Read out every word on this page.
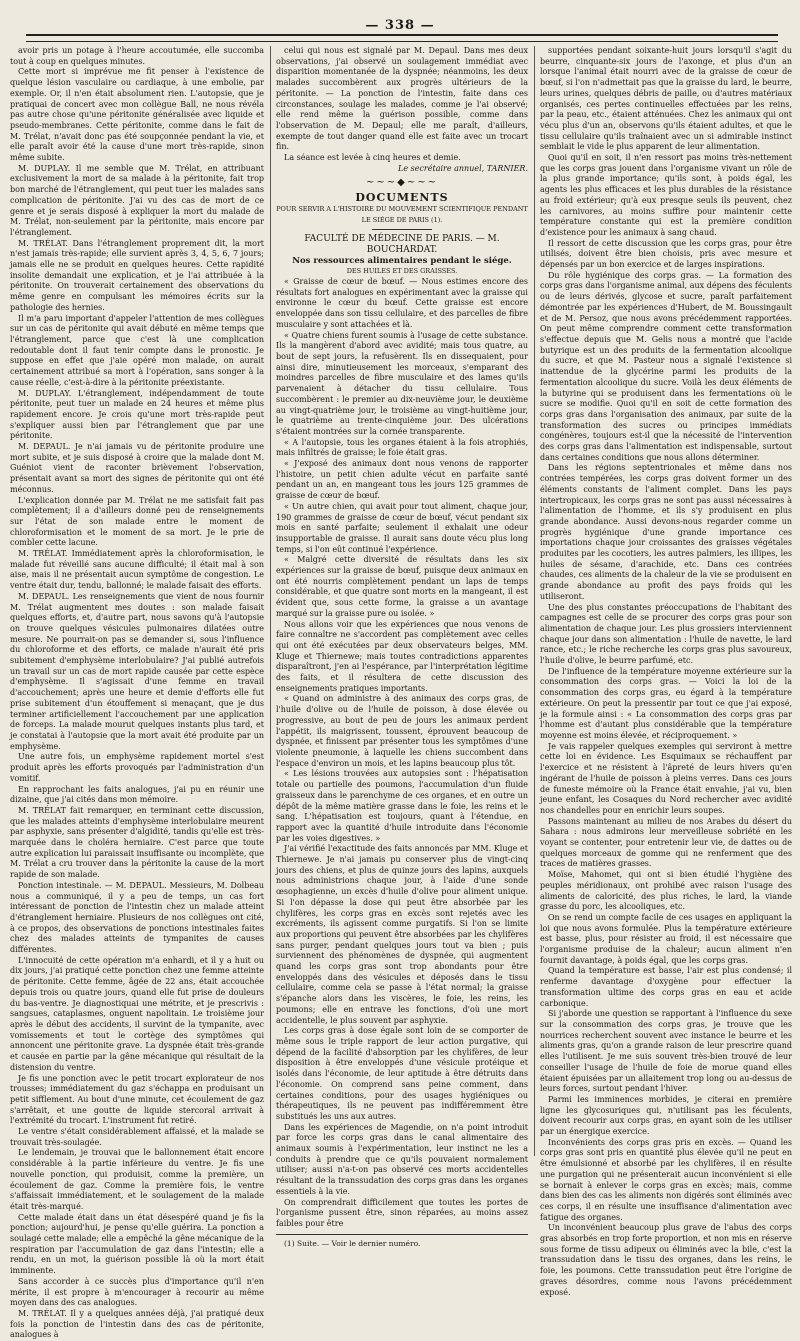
— 338 —

avoir pris un potage à l'heure accoutumée, elle succomba tout à coup en quelques minutes.

Cette mort si imprévue me fit penser à l'existence de quelque lésion vasculaire ou cardiaque, à une embolie, par exemple. Or, il n'en était absolument rien. L'autopsie, que je pratiquai de concert avec mon collègue Ball, ne nous révéla pas autre chose qu'une péritonite généralisée avec liquide et pseudo-membranes. Cette péritonite, comme dans le fait de M. Trélat, n'avait donc pas été soupçonnée pendant la vie, et elle paraît avoir été la cause d'une mort très-rapide, sinon même subite.

M. DUPLAY. Il me semble que M. Trélat, en attribuant exclusivement la mort de sa malade à la péritonite, fait trop bon marché de l'étranglement, qui peut tuer les malades sans complication de péritonite. J'ai vu des cas de mort de ce genre et je serais disposé à expliquer la mort du malade de M. Trélat, non-seulement par la péritonite, mais encore par l'étranglement.

M. TRÉLAT. Dans l'étranglement proprement dit, la mort n'est jamais très-rapide; elle survient après 3, 4, 5, 6, 7 jours; jamais elle ne se produit en quelques heures. Cette rapidité insolite demandait une explication, et je l'ai attribuée à la péritonite. On trouverait certainement des observations du même genre en compulsant les mémoires écrits sur la pathologie des hernies.

Il m'a paru important d'appeler l'attention de mes collègues sur un cas de péritonite qui avait débuté en même temps que l'étranglement, parce que c'est là une complication redoutable dont il faut tenir compte dans le pronostic. Je suppose en effet que j'aie opéré mon malade, on aurait certainement attribué sa mort à l'opération, sans songer à la cause réelle, c'est-à-dire à la péritonite préexistante.

M. DUPLAY. L'étranglement, indépendamment de toute péritonite, peut tuer un malade en 24 heures et même plus rapidement encore. Je crois qu'une mort très-rapide peut s'expliquer aussi bien par l'étranglement que par une péritonite.

M. DEPAUL. Je n'ai jamais vu de péritonite produire une mort subite, et je suis disposé à croire que la malade dont M. Guéniot vient de raconter brièvement l'observation, présentait avant sa mort des signes de péritonite qui ont été méconnus.

L'explication donnée par M. Trélat ne me satisfait fait pas complètement; il a d'ailleurs donné peu de renseignements sur l'état de son malade entre le moment de chloroformisation et le moment de sa mort. Je le prie de combler cette lacune.

M. TRÉLAT. Immédiatement après la chloroformisation, le malade fut réveillé sans aucune difficulté; il était mal à son aise, mais il ne présentait aucun symptôme de congestion. Le ventre était dur, tendu, ballonné; le malade faisait des efforts.

M. DEPAUL. Les renseignements que vient de nous fournir M. Trélat augmentent mes doutes : son malade faisait quelques efforts, et, d'autre part, nous savons qu'à l'autopsie on trouve quelques vésicules pulmonaires dilatées outre mesure. Ne pourrait-on pas se demander si, sous l'influence du chloroforme et des efforts, ce malade n'aurait été pris subitement d'emphysème interlobulaire? J'ai publié autrefois un travail sur un cas de mort rapide causée par cette espèce d'emphysème. Il s'agissait d'une femme en travail d'accouchement; après une heure et demie d'efforts elle fut prise subitement d'un étouffement si menaçant, que je dus terminer artificiellement l'accouchement par une application de forceps. La malade mourut quelques instants plus tard, et je constatai à l'autopsie que la mort avait été produite par un emphysème.

Une autre fois, un emphysème rapidement mortel s'est produit après les efforts provoqués par l'administration d'un vomitif.

En rapprochant les faits analogues, j'ai pu en réunir une dizaine, que j'ai cités dans mon mémoire.

M. TRÉLAT fait remarquer, en terminant cette discussion, que les malades atteints d'emphysème interlobulaire meurent par asphyxie, sans présenter d'algidité, tandis qu'elle est très-marquée dans le choléra herniaire. C'est parce que toute autre explication lui paraissait insuffisante ou incomplète, que M. Trélat a cru trouver dans la péritonite la cause de la mort rapide de son malade.

Ponction intestinale. — M. DEPAUL. Messieurs, M. Dolbeau nous a communiqué, il y a peu de temps, un cas fort intéressant de ponction de l'intestin chez un malade atteint d'étranglement herniaire. Plusieurs de nos collègues ont cité, à ce propos, des observations de ponctions intestinales faites chez des malades atteints de tympanites de causes différentes.

L'innocuité de cette opération m'a enhardi, et il y a huit ou dix jours, j'ai pratiqué cette ponction chez une femme atteinte de péritonite. Cette femme, âgée de 22 ans, était accouchée depuis trois ou quatre jours, quand elle fut prise de douleurs du bas-ventre. Je diagnostiquai une métrite, et je prescrivis : sangsues, cataplasmes, onguent napolitain. Le troisième jour après le début des accidents, il survint de la tympanite, avec vomissements et tout le cortège des symptômes qui annoncent une péritonite grave. La dyspnée était très-grande et causée en partie par la gêne mécanique qui résultait de la distension du ventre.

Je fis une ponction avec le petit trocart explorateur de nos trousses; immédiatement du gaz s'échappa en produisant un petit sifflement. Au bout d'une minute, cet écoulement de gaz s'arrêtait, et une goutte de liquide stercoral arrivait à l'extrémité du trocart. L'instrument fut retiré.

Le ventre s'était considérablement affaissé, et la malade se trouvait très-soulagée.

Le lendemain, je trouvai que le ballonnement était encore considérable à la partie inférieure du ventre. Je fis une nouvelle ponction, qui produisit, comme la première, un écoulement de gaz. Comme la première fois, le ventre s'affaissait immédiatement, et le soulagement de la malade était très-marqué.

Cette malade était dans un état désespéré quand je fis la ponction; aujourd'hui, je pense qu'elle guérira. La ponction a soulagé cette malade; elle a empêché la gêne mécanique de la respiration par l'accumulation de gaz dans l'intestin; elle a rendu, en un mot, la guérison possible là où la mort était imminente.

Sans accorder à ce succès plus d'importance qu'il n'en mérite, il est propre à m'encourager à recourir au même moyen dans des cas analogues.

M. TRÉLAT. Il y a quelques années déjà, j'ai pratiqué deux fois la ponction de l'intestin dans des cas de péritonite, analogues à

celui qui nous est signalé par M. Depaul. Dans mes deux observations, j'ai observé un soulagement immédiat avec disparition momentanée de la dyspnée; néanmoins, les deux malades succombèrent aux progrès ultérieurs de la péritonite. — La ponction de l'intestin, faite dans ces circonstances, soulage les malades, comme je l'ai observé; elle rend même la guérison possible, comme dans l'observation de M. Depaul; elle me paraît, d'ailleurs, exempte de tout danger quand elle est faite avec un trocart fin.

La séance est levée à cinq heures et demie.

Le secrétaire annuel, TARNIER.

~~~◆~~~

DOCUMENTS

POUR SERVIR A L'HISTOIRE DU MOUVEMENT SCIENTIFIQUE PENDANT LE SIÉGE DE PARIS (1).

FACULTÉ DE MÉDECINE DE PARIS. — M. BOUCHARDAT.

Nos ressources alimentaires pendant le siége.

DES HUILES ET DES GRAISSES.

« Graisse de cœur de bœuf. — Nous estimes encore des résultats fort analogues en expérimentant avec la graisse qui environne le cœur du bœuf. Cette graisse est encore enveloppée dans son tissu cellulaire, et des parcelles de fibre musculaire y sont attachées et là.

« Quatre chiens furent soumis à l'usage de cette substance. Ils la mangèrent d'abord avec avidité; mais tous quatre, au bout de sept jours, la refusèrent. Ils en dissequaient, pour ainsi dire, minutieusement les morceaux, s'emparant des moindres parcelles de fibre musculaire et des lames qu'ils parvenaient à détacher du tissu cellulaire. Tous succombèrent : le premier au dix-neuvième jour, le deuxième au vingt-quatrième jour, le troisième au vingt-huitième jour, le quatrième au trente-cinquième jour. Des ulcérations s'étaient montrées sur la cornée transparente.

« A l'autopsie, tous les organes étaient à la fois atrophiés, mais infiltrés de graisse; le foie était gras.

« J'exposé des animaux dont nous venons de rapporter l'histoire, un petit chien adulte vécut en parfaite santé pendant un an, en mangeant tous les jours 125 grammes de graisse de cœur de bœuf.

« Un autre chien, qui avait pour tout aliment, chaque jour, 190 grammes de graisse de cœur de bœuf, vécut pendant six mois en santé parfaite; seulement il exhalait une odeur insupportable de graisse. Il aurait sans doute vécu plus long temps, si l'on eût continué l'expérience.

« Malgré cette diversité de résultats dans les six expériences sur la graisse de bœuf, puisque deux animaux en ont été nourris complètement pendant un laps de temps considérable, et que quatre sont morts en la mangeant, il est évident que, sous cette forme, la graisse a un avantage marqué sur la graisse pure ou isolée. »

Nous allons voir que les expériences que nous venons de faire connaître ne s'accordent pas complètement avec celles qui ont été exécutées par deux observateurs belges, MM. Kluge et Thiernewe; mais toutes contradictions apparentes disparaîtront, j'en ai l'espérance, par l'interprétation légitime des faits, et il résultera de cette discussion des enseignements pratiques importants.

« Quand on administre à des animaux des corps gras, de l'huile d'olive ou de l'huile de poisson, à dose élevée ou progressive, au bout de peu de jours les animaux perdent l'appétit, ils maigrissent, toussent, éprouvent beaucoup de dyspnée, et finissent par présenter tous les symptômes d'une violente pneumonie, à laquelle les chiens succombent dans l'espace d'environ un mois, et les lapins beaucoup plus tôt.

« Les lésions trouvées aux autopsies sont : l'hépatisation totale ou partielle des poumons, l'accumulation d'un fluide graisseux dans le parenchyme de ces organes, et en outre un dépôt de la même matière grasse dans le foie, les reins et le sang. L'hépatisation est toujours, quant à l'étendue, en rapport avec la quantité d'huile introduite dans l'économie par les voies digestives. »

J'ai vérifié l'exactitude des faits annoncés par MM. Kluge et Thiernewe. Je n'ai jamais pu conserver plus de vingt-cinq jours des chiens, et plus de quinze jours des lapins, auxquels nous administrions chaque jour, à l'aide d'une sonde œsophagienne, un excès d'huile d'olive pour aliment unique. Si l'on dépasse la dose qui peut être absorbée par les chylifères, les corps gras en excès sont rejetés avec les excréments, ils agissent comme purgatifs. Si l'on se limite aux proportions qui peuvent être absorbées par les chylifères sans purger, pendant quelques jours tout va bien ; puis surviennent des phénomènes de dyspnée, qui augmentent quand les corps gras sont trop abondants pour être enveloppés dans des vésicules et déposés dans le tissu cellulaire, comme cela se passe à l'état normal; la graisse s'épanche alors dans les viscères, le foie, les reins, les poumons; elle en entrave les fonctions, d'où une mort accidentelle, le plus souvent par asphyxie.

Les corps gras à dose égale sont loin de se comporter de même sous le triple rapport de leur action purgative, qui dépend de la facilité d'absorption par les chylifères, de leur disposition à être enveloppés d'une vésicule protéique et isolés dans l'économie, de leur aptitude à être détruits dans l'économie. On comprend sans peine comment, dans certaines conditions, pour des usages hygiéniques ou thérapeutiques, ils ne peuvent pas indifféremment être substitués les uns aux autres.

Dans les expériences de Magendie, on n'a point introduit par force les corps gras dans le canal alimentaire des animaux soumis à l'expérimentation, leur instinct ne les a conduits à prendre que ce qu'ils pouvaient normalement utiliser; aussi n'a-t-on pas observé ces morts accidentelles résultant de la transsudation des corps gras dans les organes essentiels à la vie.

On comprendrait difficilement que toutes les portes de l'organisme pussent être, sinon réparées, au moins assez faibles pour être

(1) Suite. — Voir le dernier numéro.

supportées pendant soixante-huit jours lorsqu'il s'agit du beurre, cinquante-six jours de l'axonge, et plus d'un an lorsque l'animal était nourri avec de la graisse de cœur de bœuf, si l'on n'admettait pas que la graisse du lard, le beurre, leurs urines, quelques débris de paille, ou d'autres matériaux organisés, ces pertes continuelles effectuées par les reins, par la peau, etc., étaient atténuées. Chez les animaux qui ont vécu plus d'un an, observons qu'ils étaient adultes, et que le tissu cellulaire qu'ils traînaient avec un si admirable instinct semblait le vide le plus apparent de leur alimentation.

Quoi qu'il en soit, il n'en ressort pas moins très-nettement que les corps gras jouent dans l'organisme vivant un rôle de la plus grande importance; qu'ils sont, à poids égal, les agents les plus efficaces et les plus durables de la résistance au froid extérieur; qu'à eux presque seuls ils peuvent, chez les carnivores, au moins suffire pour maintenir cette température constante qui est la première condition d'existence pour les animaux à sang chaud.

Il ressort de cette discussion que les corps gras, pour être utilisés, doivent être bien choisis, pris avec mesure et dépensés par un bon exercice et de larges inspirations.

Du rôle hygiénique des corps gras. — La formation des corps gras dans l'organisme animal, aux dépens des féculents ou de leurs dérivés, glycose et sucre, paraît parfaitement démontrée par les expériences d'Hubert, de M. Boussingault et de M. Persoz, que nous avons précédemment rapportées. On peut même comprendre comment cette transformation s'effectue depuis que M. Gelis nous a montré que l'acide butyrique est un des produits de la fermentation alcoolique du sucre, et que M. Pasteur nous a signalé l'existence si inattendue de la glycérine parmi les produits de la fermentation alcoolique du sucre. Voilà les deux éléments de la butyrine qui se produisent dans les fermentations où le sucre se modifie. Quoi qu'il en soit de cette formation des corps gras dans l'organisation des animaux, par suite de la transformation des sucres ou principes immédiats congénères, toujours est-il que la nécessité de l'intervention des corps gras dans l'alimentation est indispensable, surtout dans certaines conditions que nous allons déterminer.

Dans les régions septentrionales et même dans nos contrées tempérées, les corps gras doivent former un des éléments constants de l'aliment complet. Dans les pays intertropicaux, les corps gras ne sont pas aussi nécessaires à l'alimentation de l'homme, et ils s'y produisent en plus grande abondance. Aussi devons-nous regarder comme un progrès hygiénique d'une grande importance ces importations chaque jour croissantes des graisses végétales produites par les cocotiers, les autres palmiers, les illipes, les huiles de sésame, d'arachide, etc. Dans ces contrées chaudes, ces aliments de la chaleur de la vie se produisent en grande abondance au profit des pays froids qui les utiliseront.

Une des plus constantes préoccupations de l'habitant des campagnes est celle de se procurer des corps gras pour son alimentation de chaque jour. Les plus grossiers interviennent chaque jour dans son alimentation : l'huile de navette, le lard rance, etc.; le riche recherche les corps gras plus savoureux, l'huile d'olive, le beurre parfumé, etc.

De l'influence de la température moyenne extérieure sur la consommation des corps gras. — Voici la loi de la consommation des corps gras, eu égard à la température extérieure. On peut la pressentir par tout ce que j'ai exposé, je la formule ainsi : « La consommation des corps gras par l'homme est d'autant plus considérable que la température moyenne est moins élevée, et réciproquement. »

Je vais rappeler quelques exemples qui serviront à mettre cette loi en évidence. Les Esquimaux se réchauffent par l'exercice et ne résistent à l'âpreté de leurs hivers qu'en ingérant de l'huile de poisson à pleins verres. Dans ces jours de funeste mémoire où la France était envahie, j'ai vu, bien jeune enfant, les Cosaques du Nord rechercher avec avidité nos chandelles pour en enrichir leurs soupes.

Passons maintenant au milieu de nos Arabes du désert du Sahara : nous admirons leur merveilleuse sobriété en les voyant se contenter, pour entretenir leur vie, de dattes ou de quelques morceaux de gomme qui ne renferment que des traces de matières grasses.

Moïse, Mahomet, qui ont si bien étudié l'hygiène des peuples méridionaux, ont prohibé avec raison l'usage des aliments de caloricité, des plus riches, le lard, la viande grasse du porc, les alcooliques, etc.

On se rend un compte facile de ces usages en appliquant la loi que nous avons formulée. Plus la température extérieure est basse, plus, pour résister au froid, il est nécessaire que l'organisme produise de la chaleur; aucun aliment n'en fournit davantage, à poids égal, que les corps gras.

Quand la température est basse, l'air est plus condensé; il renferme davantage d'oxygène pour effectuer la transformation ultime des corps gras en eau et acide carbonique.

Si j'aborde une question se rapportant à l'influence du sexe sur la consommation des corps gras, je trouve que les nourrices recherchent souvent avec instance le beurre et les aliments gras, qu'on a grande raison de leur prescrire quand elles l'utilisent. Je me suis souvent très-bien trouvé de leur conseiller l'usage de l'huile de foie de morue quand elles étaient épuisées par un allaitement trop long ou au-dessus de leurs forces, surtout pendant l'hiver.

Parmi les imminences morbides, je citerai en première ligne les glycosuriques qui, n'utilisant pas les féculents, doivent recourir aux corps gras, en ayant soin de les utiliser par un énergique exercice.

Inconvénients des corps gras pris en excès. — Quand les corps gras sont pris en quantité plus élevée qu'il ne peut en être émulsionné et absorbé par les chylifères, il en résulte une purgation qui ne présenterait aucun inconvénient si elle se bornait à enlever le corps gras en excès; mais, comme dans bien des cas les aliments non digérés sont éliminés avec ces corps, il en résulte une insuffisance d'alimentation avec fatigue des organes.

Un inconvénient beaucoup plus grave de l'abus des corps gras absorbés en trop forte proportion, et non mis en réserve sous forme de tissu adipeux ou éliminés avec la bile, c'est la transsudation dans le tissu des organes, dans les reins, le foie, les poumons. Cette transsudation peut être l'origine de graves désordres, comme nous l'avons précédemment exposé.
